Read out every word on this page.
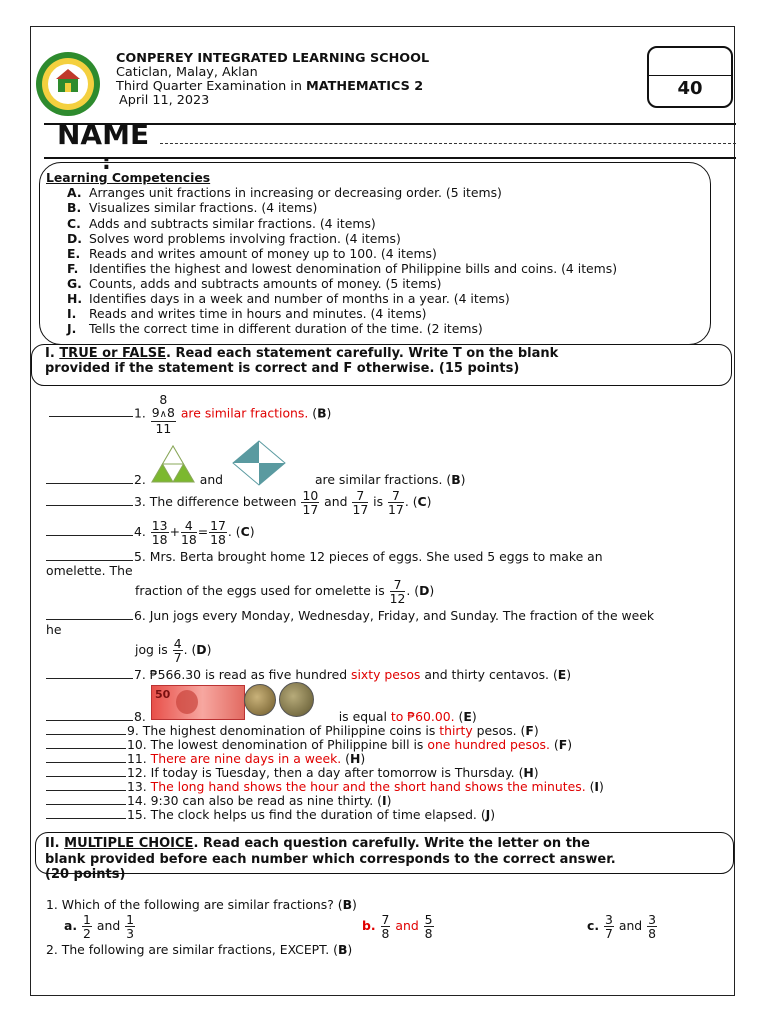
CONPEREY INTEGRATED LEARNING SCHOOL
Caticlan, Malay, Aklan
Third Quarter Examination in MATHEMATICS 2
April 11, 2023
40
NAME
:
Learning Competencies
A. Arranges unit fractions in increasing or decreasing order. (5 items)
B. Visualizes similar fractions. (4 items)
C. Adds and subtracts similar fractions. (4 items)
D. Solves word problems involving fraction. (4 items)
E. Reads and writes amount of money up to 100. (4 items)
F. Identifies the highest and lowest denomination of Philippine bills and coins. (4 items)
G. Counts, adds and subtracts amounts of money. (5 items)
H. Identifies days in a week and number of months in a year. (4 items)
I. Reads and writes time in hours and minutes. (4 items)
J. Tells the correct time in different duration of the time. (2 items)
I. TRUE or FALSE. Read each statement carefully. Write T on the blank
provided if the statement is correct and F otherwise. (15 points)
1.
8
9∧8
11
are similar fractions. (B)
2.	and	are similar fractions. (B)
3. The difference between $\frac{10}{17}$ and $\frac{7}{17}$ is $\frac{7}{17}$ . (C)
4. $\frac{13}{18} + \frac{4}{18} = \frac{17}{18}$ . (C)
5. Mrs. Berta brought home 12 pieces of eggs. She used 5 eggs to make an
omelette. The
fraction of the eggs used for omelette is $\frac{7}{12}$ . (D)
6. Jun jogs every Monday, Wednesday, Friday, and Sunday. The fraction of the week
he
jog is $\frac{4}{7}$ . (D)
7. ₱566.30 is read as five hundred sixty pesos and thirty centavos. (E)
50
8.	is equal to ₱60.00. (E)
9. The highest denomination of Philippine coins is thirty pesos. (F)
10. The lowest denomination of Philippine bill is one hundred pesos. (F)
11. There are nine days in a week. (H)
12. If today is Tuesday, then a day after tomorrow is Thursday. (H)
13. The long hand shows the hour and the short hand shows the minutes. (I)
14. 9:30 can also be read as nine thirty. (I)
15. The clock helps us find the duration of time elapsed. (J)
II. MULTIPLE CHOICE. Read each question carefully. Write the letter on the
blank provided before each number which corresponds to the correct answer.
(20 points)
1. Which of the following are similar fractions? (B)
a. $\frac{1}{2}$ and $\frac{1}{3}$	b. $\frac{7}{8}$ and $\frac{5}{8}$	c. $\frac{3}{7}$ and $\frac{3}{8}$
2. The following are similar fractions, EXCEPT. (B)
